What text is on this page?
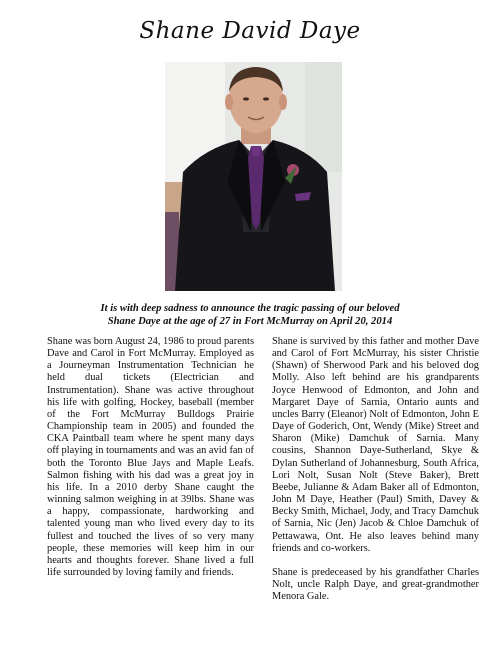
Shane David Daye
It is with deep sadness to announce the tragic passing of our beloved
Shane Daye at the age of 27 in Fort McMurray on April 20, 2014

Shane was born August 24, 1986 to proud parents Dave and Carol in Fort McMurray. Employed as a Journeyman Instrumentation Technician he held dual tickets (Electrician and Instrumentation). Shane was active throughout his life with golfing, Hockey, baseball (member of the Fort McMurray Bulldogs Prairie Championship team in 2005) and founded the CKA Paintball team where he spent many days off playing in tournaments and was an avid fan of both the Toronto Blue Jays and Maple Leafs. Salmon fishing with his dad was a great joy in his life. In a 2010 derby Shane caught the winning salmon weighing in at 39lbs. Shane was a happy, compassionate, hardworking and talented young man who lived every day to its fullest and touched the lives of so very many people, these memories will keep him in our hearts and thoughts forever. Shane lived a full life surrounded by loving family and friends.

Shane is survived by this father and mother Dave and Carol of Fort McMurray, his sister Christie (Shawn) of Sherwood Park and his beloved dog Molly. Also left behind are his grandparents Joyce Henwood of Edmonton, and John and Margaret Daye of Sarnia, Ontario aunts and uncles Barry (Eleanor) Nolt of Edmonton, John E Daye of Goderich, Ont, Wendy (Mike) Street and Sharon (Mike) Damchuk of Sarnia. Many cousins, Shannon Daye-Sutherland, Skye & Dylan Sutherland of Johannesburg, South Africa, Lori Nolt, Susan Nolt (Steve Baker), Brett Beebe, Julianne & Adam Baker all of Edmonton, John M Daye, Heather (Paul) Smith, Davey & Becky Smith, Michael, Jody, and Tracy Damchuk of Sarnia, Nic (Jen) Jacob & Chloe Damchuk of Pettawawa, Ont. He also leaves behind many friends and co-workers.

Shane is predeceased by his grandfather Charles Nolt, uncle Ralph Daye, and great-grandmother Menora Gale.
